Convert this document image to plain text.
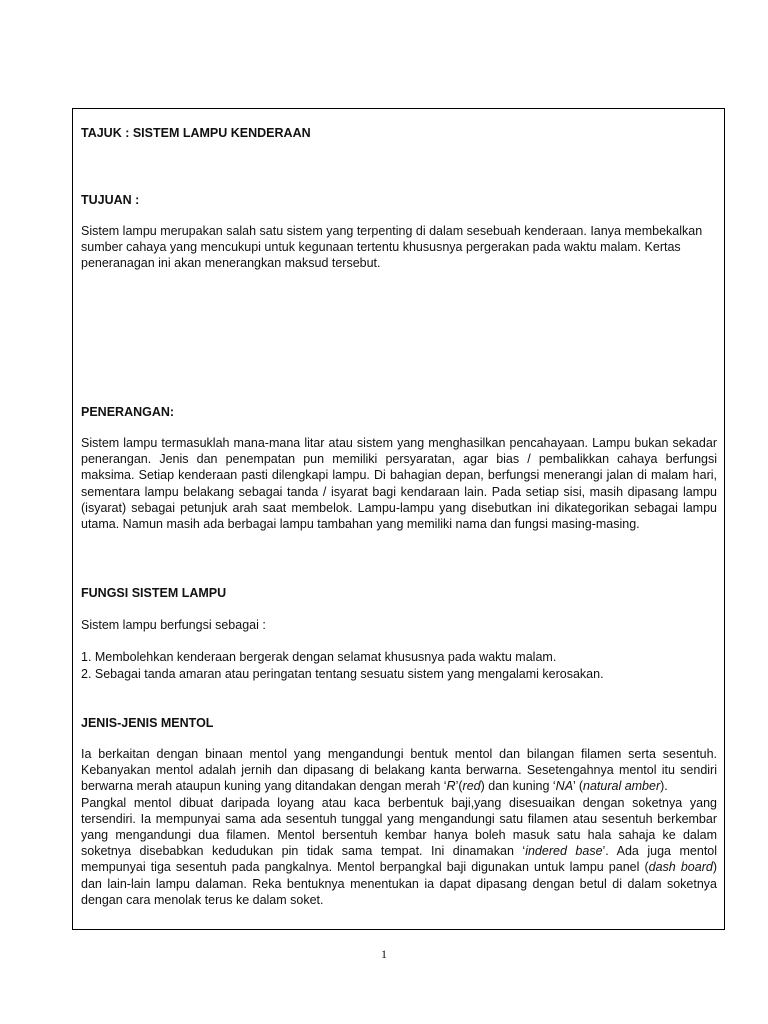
TAJUK : SISTEM LAMPU KENDERAAN

TUJUAN :

Sistem lampu merupakan salah satu sistem yang terpenting di dalam sesebuah kenderaan. Ianya membekalkan sumber cahaya yang mencukupi untuk kegunaan tertentu khususnya pergerakan pada waktu malam. Kertas peneranagan ini akan menerangkan maksud tersebut.

PENERANGAN:

Sistem lampu termasuklah mana-mana litar atau sistem yang menghasilkan pencahayaan. Lampu bukan sekadar penerangan. Jenis dan penempatan pun memiliki persyaratan, agar bias / pembalikkan cahaya berfungsi maksima. Setiap kenderaan pasti dilengkapi lampu. Di bahagian depan, berfungsi menerangi jalan di malam hari, sementara lampu belakang sebagai tanda / isyarat bagi kendaraan lain. Pada setiap sisi, masih dipasang lampu (isyarat) sebagai petunjuk arah saat membelok. Lampu-lampu yang disebutkan ini dikategorikan sebagai lampu utama. Namun masih ada berbagai lampu tambahan yang memiliki nama dan fungsi masing-masing.

FUNGSI SISTEM LAMPU

Sistem lampu berfungsi sebagai :

1. Membolehkan kenderaan bergerak dengan selamat khususnya pada waktu malam.

2. Sebagai tanda amaran atau peringatan tentang sesuatu sistem yang mengalami kerosakan.

JENIS-JENIS MENTOL

Ia berkaitan dengan binaan mentol yang mengandungi bentuk mentol dan bilangan filamen serta sesentuh. Kebanyakan mentol adalah jernih dan dipasang di belakang kanta berwarna. Sesetengahnya mentol itu sendiri berwarna merah ataupun kuning yang ditandakan dengan merah ‘R’(red) dan kuning ‘NA’ (natural amber).

Pangkal mentol dibuat daripada loyang atau kaca berbentuk baji,yang disesuaikan dengan soketnya yang tersendiri. Ia mempunyai sama ada sesentuh tunggal yang mengandungi satu filamen atau sesentuh berkembar yang mengandungi dua filamen. Mentol bersentuh kembar hanya boleh masuk satu hala sahaja ke dalam soketnya disebabkan kedudukan pin tidak sama tempat. Ini dinamakan ‘indered base’. Ada juga mentol mempunyai tiga sesentuh pada pangkalnya. Mentol berpangkal baji digunakan untuk lampu panel (dash board) dan lain-lain lampu dalaman. Reka bentuknya menentukan ia dapat dipasang dengan betul di dalam soketnya dengan cara menolak terus ke dalam soket.

1
